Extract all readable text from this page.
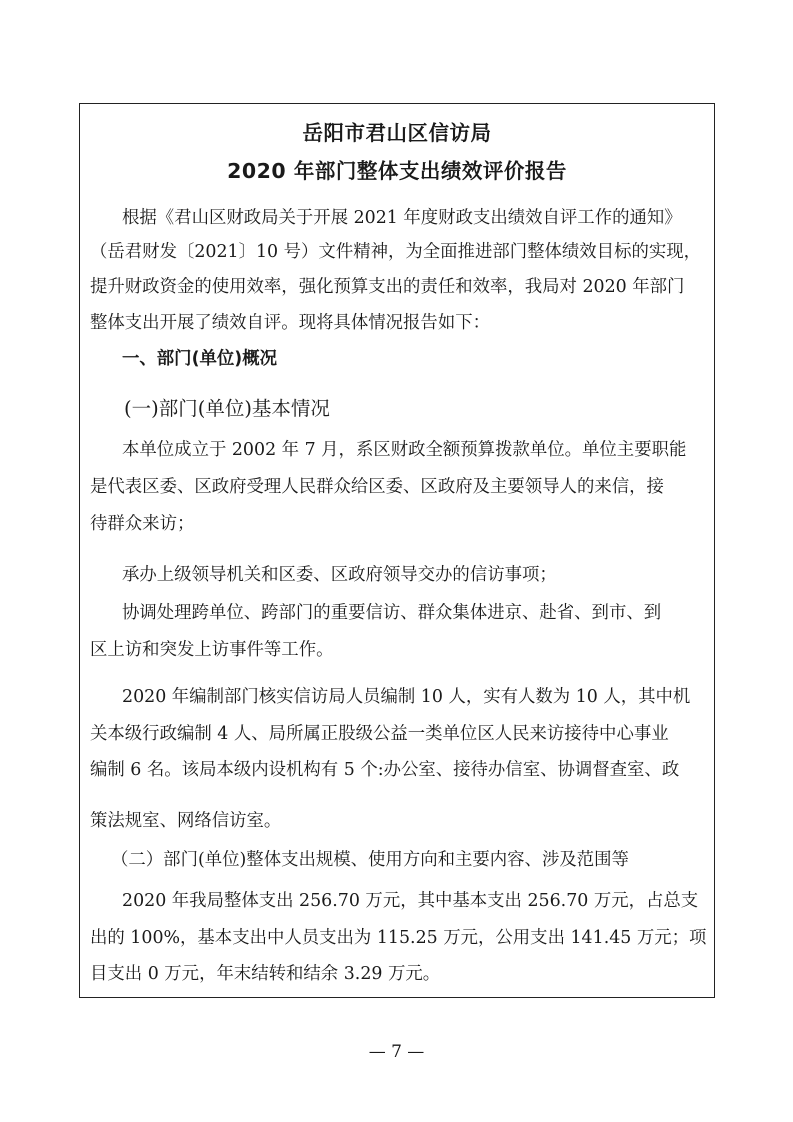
岳阳市君山区信访局
2020 年部门整体支出绩效评价报告

根据《君山区财政局关于开展 2021 年度财政支出绩效自评工作的通知》

（岳君财发〔2021〕10 号）文件精神，为全面推进部门整体绩效目标的实现，

提升财政资金的使用效率，强化预算支出的责任和效率，我局对 2020 年部门

整体支出开展了绩效自评。现将具体情况报告如下：

一、部门(单位)概况

(一)部门(单位)基本情况

本单位成立于 2002 年 7 月，系区财政全额预算拨款单位。单位主要职能

是代表区委、区政府受理人民群众给区委、区政府及主要领导人的来信，接

待群众来访；

承办上级领导机关和区委、区政府领导交办的信访事项；

协调处理跨单位、跨部门的重要信访、群众集体进京、赴省、到市、到

区上访和突发上访事件等工作。

2020 年编制部门核实信访局人员编制 10 人，实有人数为 10 人，其中机

关本级行政编制 4 人、局所属正股级公益一类单位区人民来访接待中心事业

编制 6 名。该局本级内设机构有 5 个:办公室、接待办信室、协调督查室、政

策法规室、网络信访室。

（二）部门(单位)整体支出规模、使用方向和主要内容、涉及范围等

2020 年我局整体支出 256.70 万元，其中基本支出 256.70 万元，占总支

出的 100%，基本支出中人员支出为 115.25 万元，公用支出 141.45 万元；项

目支出 0 万元，年末结转和结余 3.29 万元。

— 7 —
